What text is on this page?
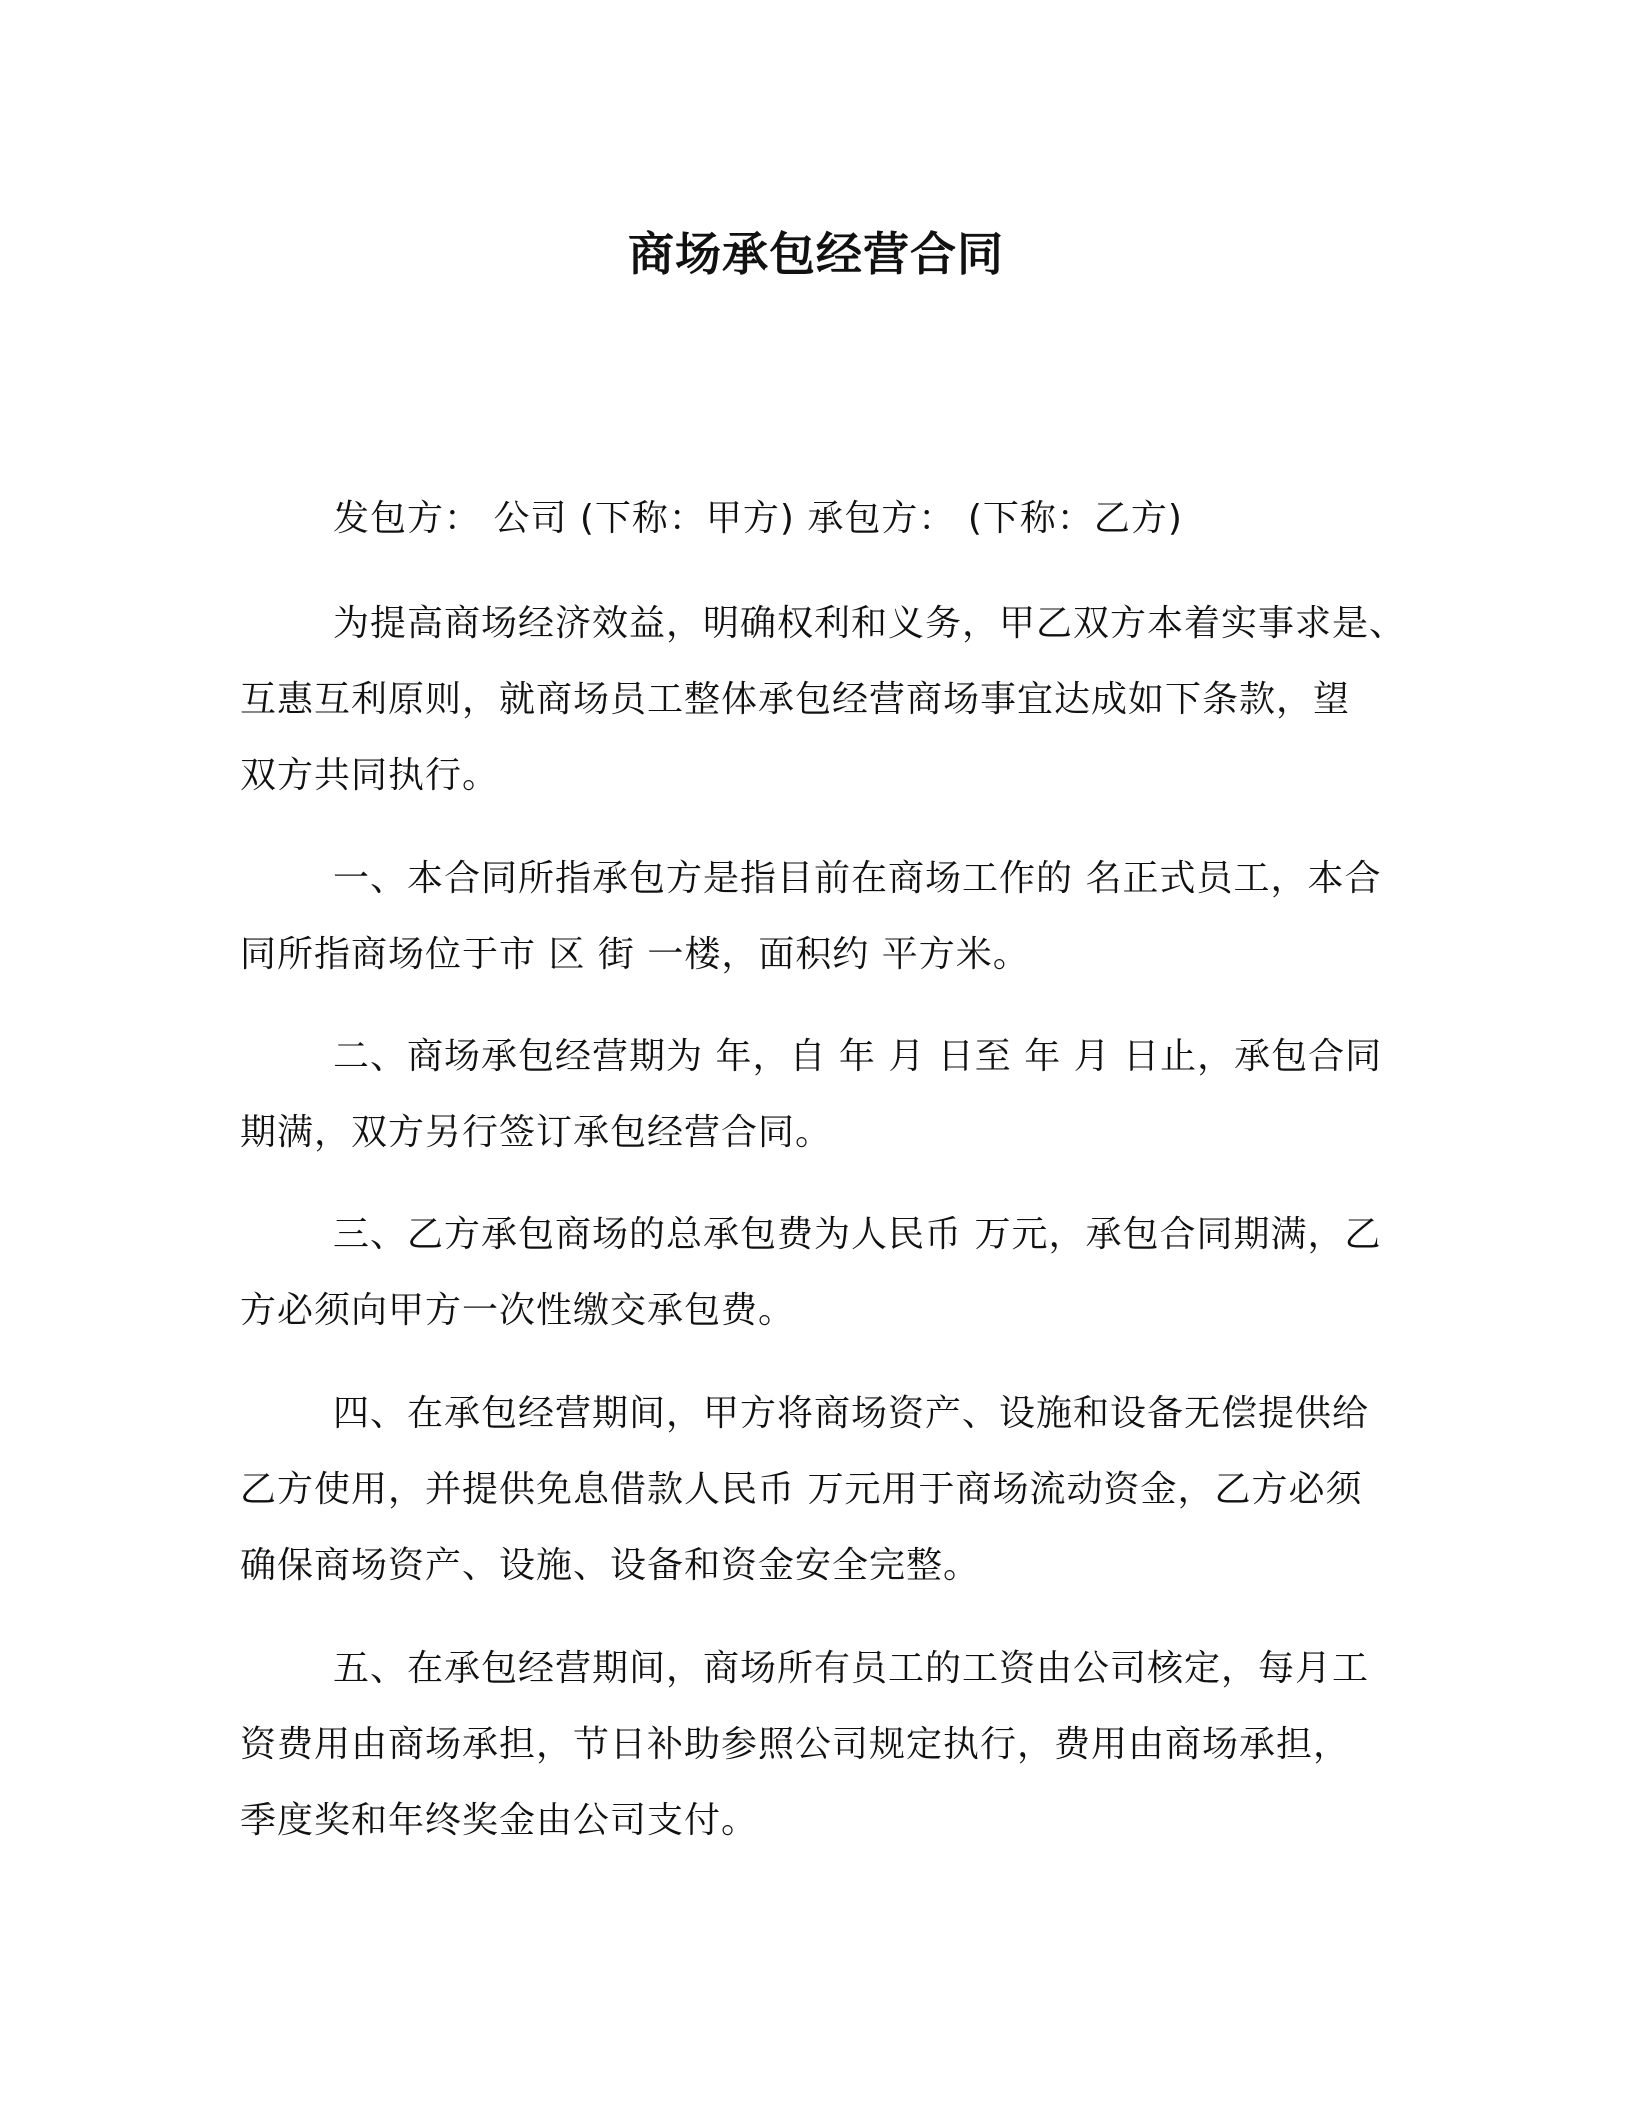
商场承包经营合同
发包方： 公司 (下称：甲方) 承包方： (下称：乙方)
为提高商场经济效益，明确权利和义务，甲乙双方本着实事求是、
互惠互利原则，就商场员工整体承包经营商场事宜达成如下条款，望
双方共同执行。
一、本合同所指承包方是指目前在商场工作的 名正式员工，本合
同所指商场位于市 区 街 一楼，面积约 平方米。
二、商场承包经营期为 年，自 年 月 日至 年 月 日止，承包合同
期满，双方另行签订承包经营合同。
三、乙方承包商场的总承包费为人民币 万元，承包合同期满，乙
方必须向甲方一次性缴交承包费。
四、在承包经营期间，甲方将商场资产、设施和设备无偿提供给
乙方使用，并提供免息借款人民币 万元用于商场流动资金，乙方必须
确保商场资产、设施、设备和资金安全完整。
五、在承包经营期间，商场所有员工的工资由公司核定，每月工
资费用由商场承担，节日补助参照公司规定执行，费用由商场承担，
季度奖和年终奖金由公司支付。
